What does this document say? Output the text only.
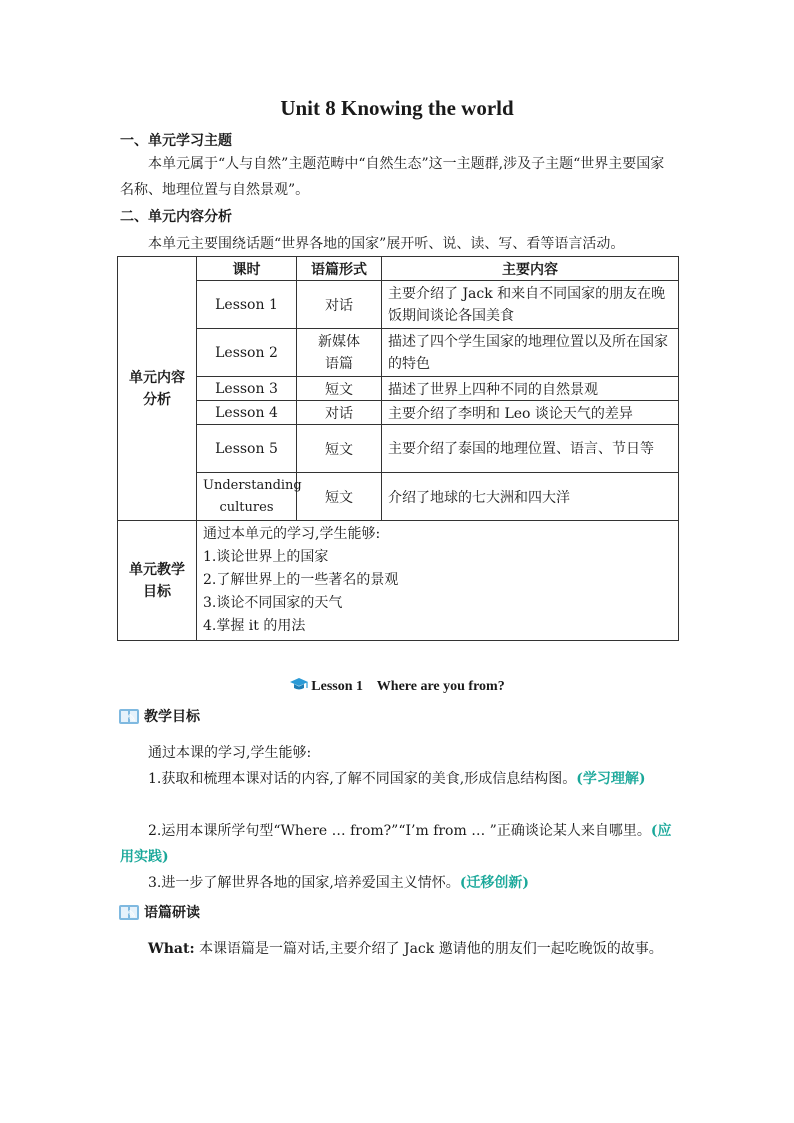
Unit 8 Knowing the world
一、单元学习主题
本单元属于“人与自然”主题范畴中“自然生态”这一主题群,涉及子主题“世界主要国家名称、地理位置与自然景观”。
二、单元内容分析
本单元主要围绕话题“世界各地的国家”展开听、说、读、写、看等语言活动。
单元内容分析	课时	语篇形式	主要内容
	Lesson 1	对话	主要介绍了 Jack 和来自不同国家的朋友在晚饭期间谈论各国美食
	Lesson 2	新媒体语篇	描述了四个学生国家的地理位置以及所在国家的特色
	Lesson 3	短文	描述了世界上四种不同的自然景观
	Lesson 4	对话	主要介绍了李明和 Leo 谈论天气的差异
	Lesson 5	短文	主要介绍了泰国的地理位置、语言、节日等
	Understanding cultures	短文	介绍了地球的七大洲和四大洋
单元教学目标	通过本单元的学习,学生能够:
1.谈论世界上的国家
2.了解世界上的一些著名的景观
3.谈论不同国家的天气
4.掌握 it 的用法		
Lesson 1    Where are you from?
✎ 教学目标
通过本课的学习,学生能够:
1.获取和梳理本课对话的内容,了解不同国家的美食,形成信息结构图。(学习理解)
2.运用本课所学句型“Where … from?”“I’m from … ”正确谈论某人来自哪里。(应用实践)
3.进一步了解世界各地的国家,培养爱国主义情怀。(迁移创新)
✎ 语篇研读
What: 本课语篇是一篇对话,主要介绍了 Jack 邀请他的朋友们一起吃晚饭的故事。
